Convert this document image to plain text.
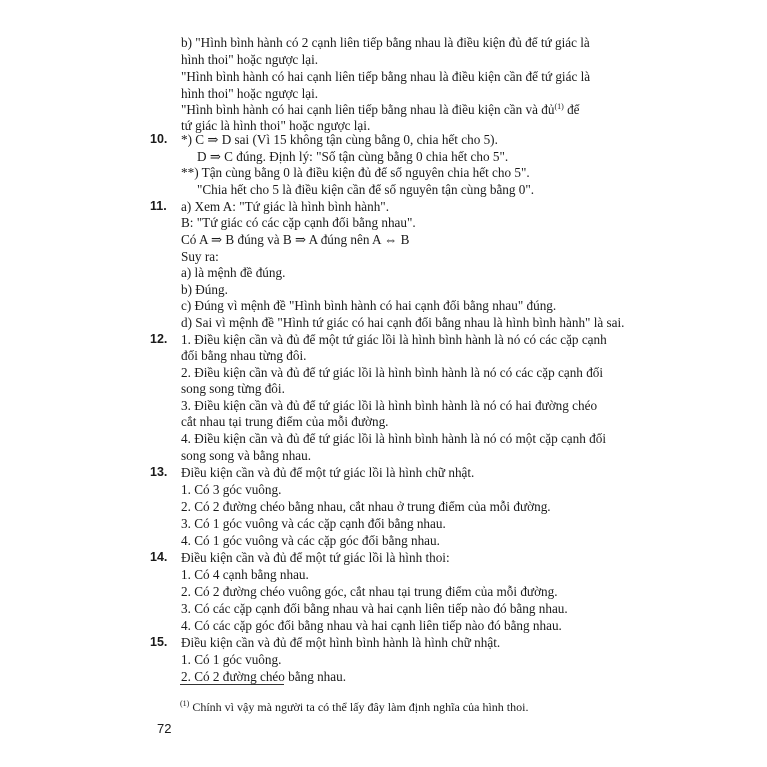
b) "Hình bình hành có 2 cạnh liên tiếp bằng nhau là điều kiện đủ để tứ giác là
hình thoi" hoặc ngược lại.
"Hình bình hành có hai cạnh liên tiếp bằng nhau là điều kiện cần để tứ giác là
hình thoi" hoặc ngược lại.
"Hình bình hành có hai cạnh liên tiếp bằng nhau là điều kiện cần và đủ$^{(1)}$ để
tứ giác là hình thoi" hoặc ngược lại.
10. *) C ⇒ D sai (Vì 15 không tận cùng bằng 0, chia hết cho 5).
D ⇒ C đúng. Định lý: "Số tận cùng bằng 0 chia hết cho 5".
**) Tận cùng bằng 0 là điều kiện đủ để số nguyên chia hết cho 5".
"Chia hết cho 5 là điều kiện cần để số nguyên tận cùng bằng 0".
11. a) Xem A: "Tứ giác là hình bình hành".
B: "Tứ giác có các cặp cạnh đối bằng nhau".
Có A ⇒ B đúng và B ⇒ A đúng nên A ⇔ B
Suy ra:
a) là mệnh đề đúng.
b) Đúng.
c) Đúng vì mệnh đề "Hình bình hành có hai cạnh đối bằng nhau" đúng.
d) Sai vì mệnh đề "Hình tứ giác có hai cạnh đối bằng nhau là hình bình hành" là sai.
12. 1. Điều kiện cần và đủ để một tứ giác lồi là hình bình hành là nó có các cặp cạnh
đối bằng nhau từng đôi.
2. Điều kiện cần và đủ để tứ giác lồi là hình bình hành là nó có các cặp cạnh đối
song song từng đôi.
3. Điều kiện cần và đủ để tứ giác lồi là hình bình hành là nó có hai đường chéo
cắt nhau tại trung điểm của mỗi đường.
4. Điều kiện cần và đủ để tứ giác lồi là hình bình hành là nó có một cặp cạnh đối
song song và bằng nhau.
13. Điều kiện cần và đủ để một tứ giác lồi là hình chữ nhật.
1. Có 3 góc vuông.
2. Có 2 đường chéo bằng nhau, cắt nhau ở trung điểm của mỗi đường.
3. Có 1 góc vuông và các cặp cạnh đối bằng nhau.
4. Có 1 góc vuông và các cặp góc đối bằng nhau.
14. Điều kiện cần và đủ để một tứ giác lồi là hình thoi:
1. Có 4 cạnh bằng nhau.
2. Có 2 đường chéo vuông góc, cắt nhau tại trung điểm của mỗi đường.
3. Có các cặp cạnh đối bằng nhau và hai cạnh liên tiếp nào đó bằng nhau.
4. Có các cặp góc đối bằng nhau và hai cạnh liên tiếp nào đó bằng nhau.
15. Điều kiện cần và đủ để một hình bình hành là hình chữ nhật.
1. Có 1 góc vuông.
2. Có 2 đường chéo bằng nhau.
$^{(1)}$ Chính vì vậy mà người ta có thể lấy đây làm định nghĩa của hình thoi.
72
